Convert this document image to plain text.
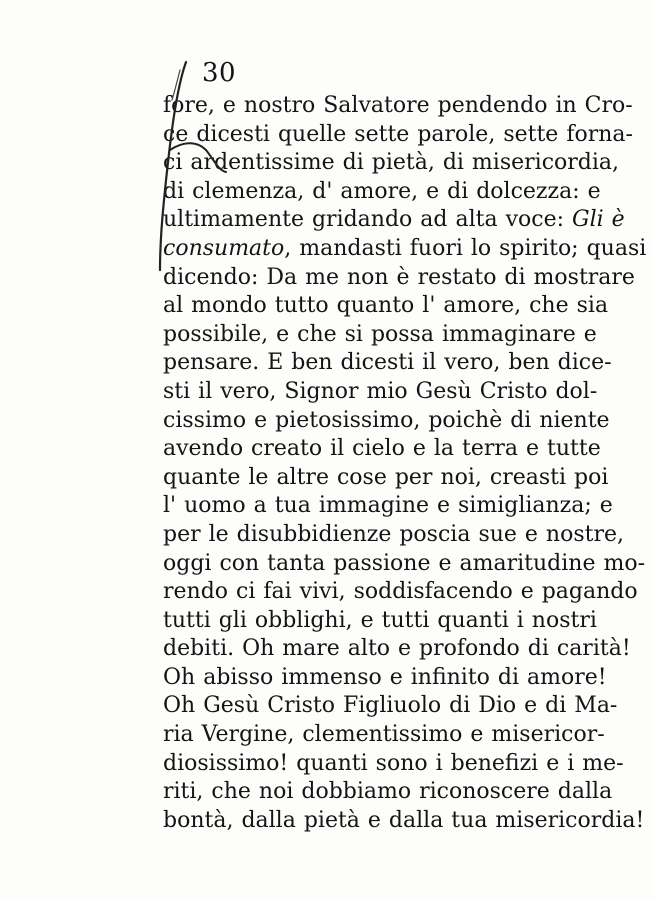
30
fore, e nostro Salvatore pendendo in Cro-
ce dicesti quelle sette parole, sette forna-
ci ardentissime di pietà, di misericordia,
di clemenza, d' amore, e di dolcezza: e
ultimamente gridando ad alta voce: Gli è
consumato, mandasti fuori lo spirito; quasi
dicendo: Da me non è restato di mostrare
al mondo tutto quanto l' amore, che sia
possibile, e che si possa immaginare e
pensare. E ben dicesti il vero, ben dice-
sti il vero, Signor mio Gesù Cristo dol-
cissimo e pietosissimo, poichè di niente
avendo creato il cielo e la terra e tutte
quante le altre cose per noi, creasti poi
l' uomo a tua immagine e simiglianza; e
per le disubbidienze poscia sue e nostre,
oggi con tanta passione e amaritudine mo-
rendo ci fai vivi, soddisfacendo e pagando
tutti gli obblighi, e tutti quanti i nostri
debiti. Oh mare alto e profondo di carità!
Oh abisso immenso e infinito di amore!
Oh Gesù Cristo Figliuolo di Dio e di Ma-
ria Vergine, clementissimo e misericor-
diosissimo! quanti sono i benefizi e i me-
riti, che noi dobbiamo riconoscere dalla
bontà, dalla pietà e dalla tua misericordia!
